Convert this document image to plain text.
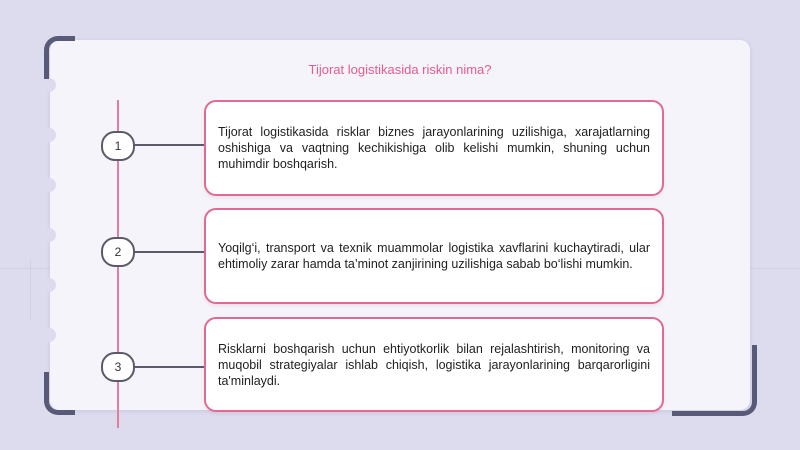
Tijorat logistikasida riskin nima?
1
Tijorat logistikasida risklar biznes jarayonlarining uzilishiga, xarajatlarning oshishiga va vaqtning kechikishiga olib kelishi mumkin, shuning uchun muhimdir boshqarish.
2	Yoqilg‘i, transport va texnik muammolar logistika xavflarini kuchaytiradi, ular ehtimoliy zarar hamda ta’minot zanjirining uzilishiga sabab bo‘lishi mumkin.
3
Risklarni boshqarish uchun ehtiyotkorlik bilan rejalashtirish, monitoring va muqobil strategiyalar ishlab chiqish, logistika jarayonlarining barqarorligini ta'minlaydi.
